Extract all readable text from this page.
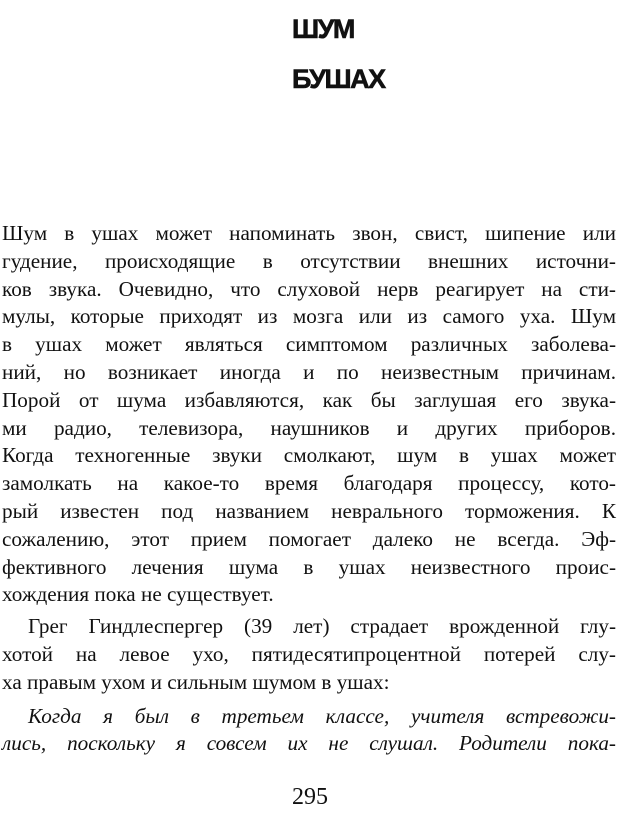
ШУМ
БУШАХ
Шум в ушах может напоминать звон, свист, шипение или
гудение, происходящие в отсутствии внешних источни-
ков звука. Очевидно, что слуховой нерв реагирует на сти-
мулы, которые приходят из мозга или из самого уха. Шум
в ушах может являться симптомом различных заболева-
ний, но возникает иногда и по неизвестным причинам.
Порой от шума избавляются, как бы заглушая его звука-
ми радио, телевизора, наушников и других приборов.
Когда техногенные звуки смолкают, шум в ушах может
замолкать на какое-то время благодаря процессу, кото-
рый известен под названием неврального торможения. К
сожалению, этот прием помогает далеко не всегда. Эф-
фективного лечения шума в ушах неизвестного проис-
хождения пока не существует.
Грег Гиндлеспергер (39 лет) страдает врожденной глу-
хотой на левое ухо, пятидесятипроцентной потерей слу-
ха правым ухом и сильным шумом в ушах:
Когда я был в третьем классе, учителя встревожи-
лись, поскольку я совсем их не слушал. Родители пока-
295
